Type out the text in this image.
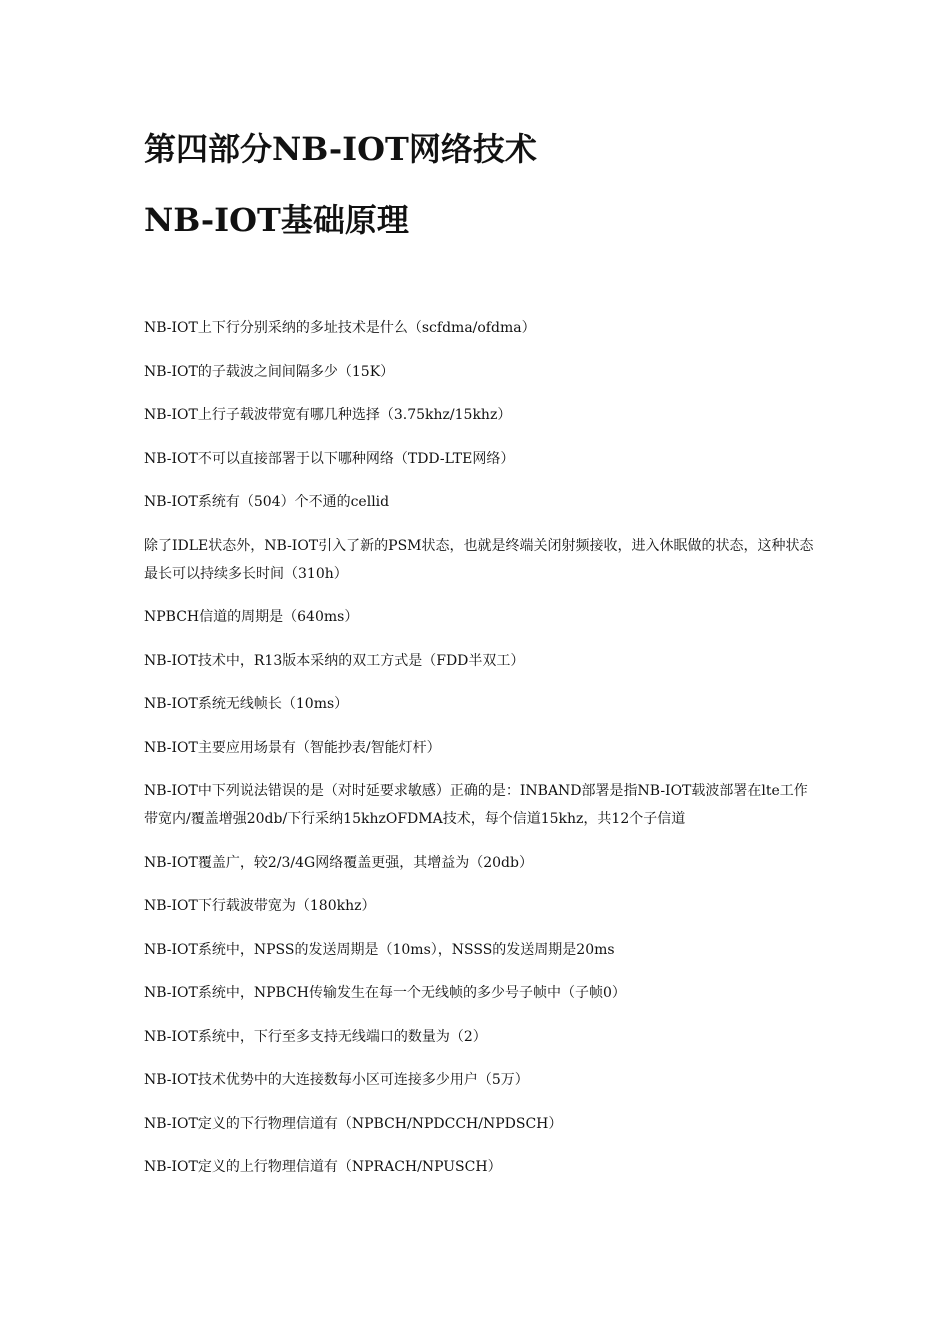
第四部分NB-IOT网络技术
NB-IOT基础原理

NB-IOT上下行分别采纳的多址技术是什么（scfdma/ofdma）

NB-IOT的子载波之间间隔多少（15K）

NB-IOT上行子载波带宽有哪几种选择（3.75khz/15khz）

NB-IOT不可以直接部署于以下哪种网络（TDD-LTE网络）

NB-IOT系统有（504）个不通的cellid

除了IDLE状态外，NB-IOT引入了新的PSM状态，也就是终端关闭射频接收，进入休眠做的状态，这种状态最长可以持续多长时间（310h）

NPBCH信道的周期是（640ms）

NB-IOT技术中，R13版本采纳的双工方式是（FDD半双工）

NB-IOT系统无线帧长（10ms）

NB-IOT主要应用场景有（智能抄表/智能灯杆）

NB-IOT中下列说法错误的是（对时延要求敏感）正确的是：INBAND部署是指NB-IOT载波部署在lte工作带宽内/覆盖增强20db/下行采纳15khzOFDMA技术，每个信道15khz，共12个子信道

NB-IOT覆盖广，较2/3/4G网络覆盖更强，其增益为（20db）

NB-IOT下行载波带宽为（180khz）

NB-IOT系统中，NPSS的发送周期是（10ms），NSSS的发送周期是20ms

NB-IOT系统中，NPBCH传输发生在每一个无线帧的多少号子帧中（子帧0）

NB-IOT系统中，下行至多支持无线端口的数量为（2）

NB-IOT技术优势中的大连接数每小区可连接多少用户（5万）

NB-IOT定义的下行物理信道有（NPBCH/NPDCCH/NPDSCH）

NB-IOT定义的上行物理信道有（NPRACH/NPUSCH）
